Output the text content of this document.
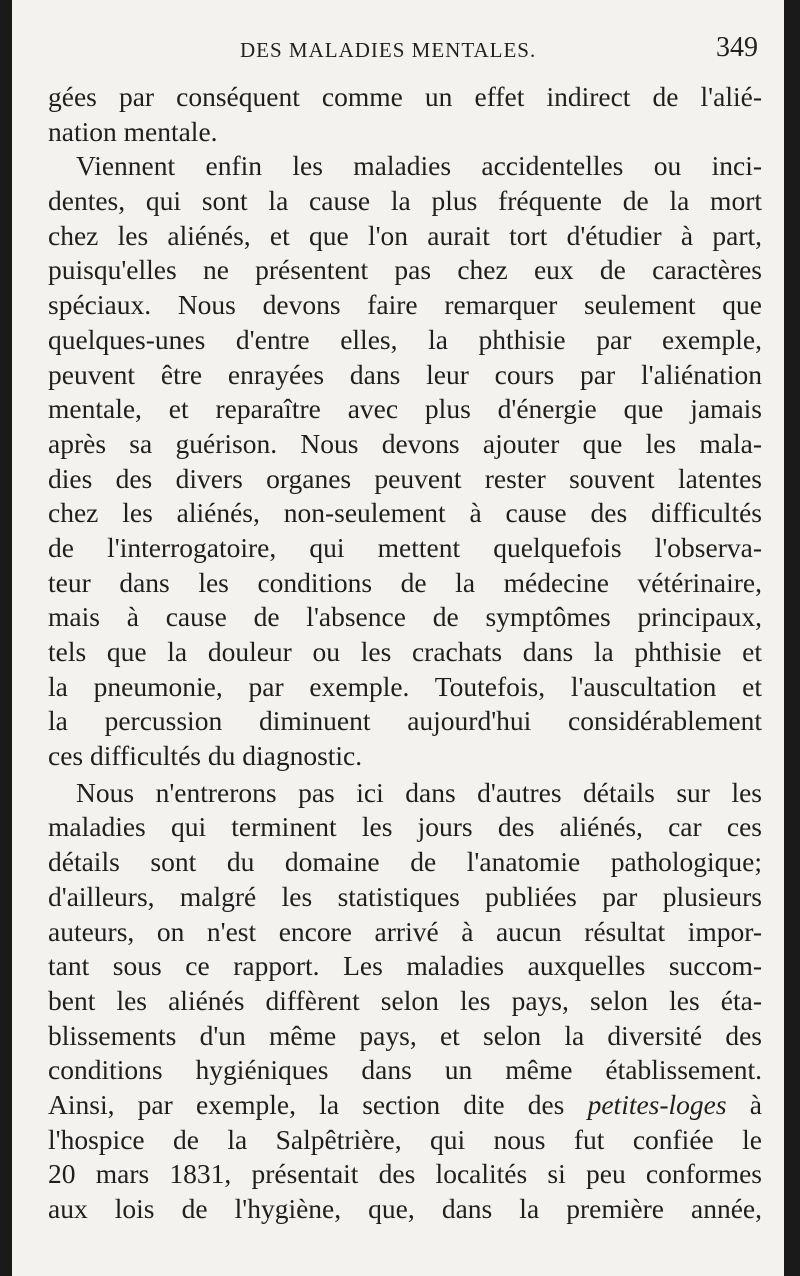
DES MALADIES MENTALES.	349
gées par conséquent comme un effet indirect de l'alié-
nation mentale.
Viennent enfin les maladies accidentelles ou inci-
dentes, qui sont la cause la plus fréquente de la mort
chez les aliénés, et que l'on aurait tort d'étudier à part,
puisqu'elles ne présentent pas chez eux de caractères
spéciaux. Nous devons faire remarquer seulement que
quelques-unes d'entre elles, la phthisie par exemple,
peuvent être enrayées dans leur cours par l'aliénation
mentale, et reparaître avec plus d'énergie que jamais
après sa guérison. Nous devons ajouter que les mala-
dies des divers organes peuvent rester souvent latentes
chez les aliénés, non-seulement à cause des difficultés
de l'interrogatoire, qui mettent quelquefois l'observa-
teur dans les conditions de la médecine vétérinaire,
mais à cause de l'absence de symptômes principaux,
tels que la douleur ou les crachats dans la phthisie et
la pneumonie, par exemple. Toutefois, l'auscultation et
la percussion diminuent aujourd'hui considérablement
ces difficultés du diagnostic.
Nous n'entrerons pas ici dans d'autres détails sur les
maladies qui terminent les jours des aliénés, car ces
détails sont du domaine de l'anatomie pathologique;
d'ailleurs, malgré les statistiques publiées par plusieurs
auteurs, on n'est encore arrivé à aucun résultat impor-
tant sous ce rapport. Les maladies auxquelles succom-
bent les aliénés diffèrent selon les pays, selon les éta-
blissements d'un même pays, et selon la diversité des
conditions hygiéniques dans un même établissement.
Ainsi, par exemple, la section dite des petites-loges à
l'hospice de la Salpêtrière, qui nous fut confiée le
20 mars 1831, présentait des localités si peu conformes
aux lois de l'hygiène, que, dans la première année,
